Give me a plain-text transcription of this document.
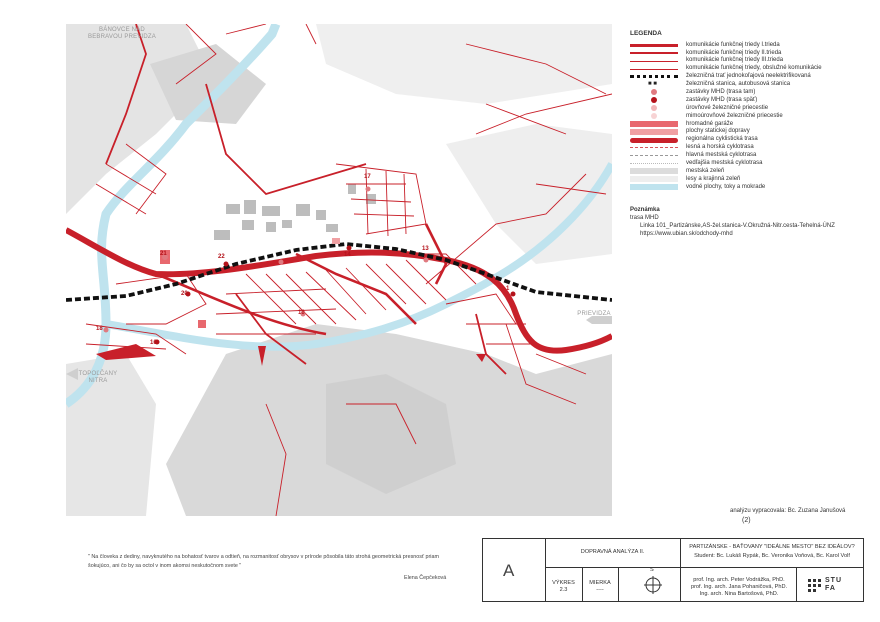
BÁNOVCE NAD BEBRAVOU PREVIDZA
PRIEVIDZA
TOPOĽČANY NITRA
21	22
20
18
16
10
13
17
1
14
LEGENDA
komunikácie funkčnej triedy I.trieda
komunikácie funkčnej triedy II.trieda
komunikácie funkčnej triedy III.trieda
komunikácie funkčnej triedy, obslužné komunikácie
železničná trať jednokoľajová neelektrifikovaná
■ ■	železničná stanica, autobusová stanica
zastávky MHD (trasa tam)
zastávky MHD (trasa späť)
úrovňové železničné priecestie
mimoúrovňové železničné priecestie
hromadné garáže
plochy statickej dopravy
regionálna cyklistická trasa
lesná a horská cyklotrasa
hlavná mestská cyklotrasa
vedľajšia mestská cyklotrasa
mestská zeleň
lesy a krajinná zeleň
vodné plochy, toky a mokrade
Poznámka
trasa MHD
Linka 101_Partizánske,AS-žel.stanica-V.Okružná-Nitr.cesta-Tehelná-ÚNZ
https://www.ubian.sk/odchody-mhd
analýzu vypracovala: Bc. Zuzana Janušová
(2)
" Na človeka z dediny, navyknutého na bohatosť tvarov a odtieň, na rozmanitosť obrysov v prírode pôsobila táto strohá geometrická presnosť priam šokujúco, ani čo by sa octol v inom akomsi neskutočnom svete "
Elena Čepčeková	A
DOPRAVNÁ ANALÝZA II.
PARTIZÁNSKE - BAŤOVANY "IDEÁLNE MESTO" BEZ IDEÁLOV?
Student: Bc. Lukáš Rypák, Bc. Veronika Voňová, Bc. Karol Volf
VÝKRES
2.3
MIERKA
----
S
prof. Ing. arch. Peter Vodrážka, PhD.
prof. Ing. arch. Jana Pohaničová, PhD.
Ing. arch. Nina Bartošová, PhD.
STU
FA
